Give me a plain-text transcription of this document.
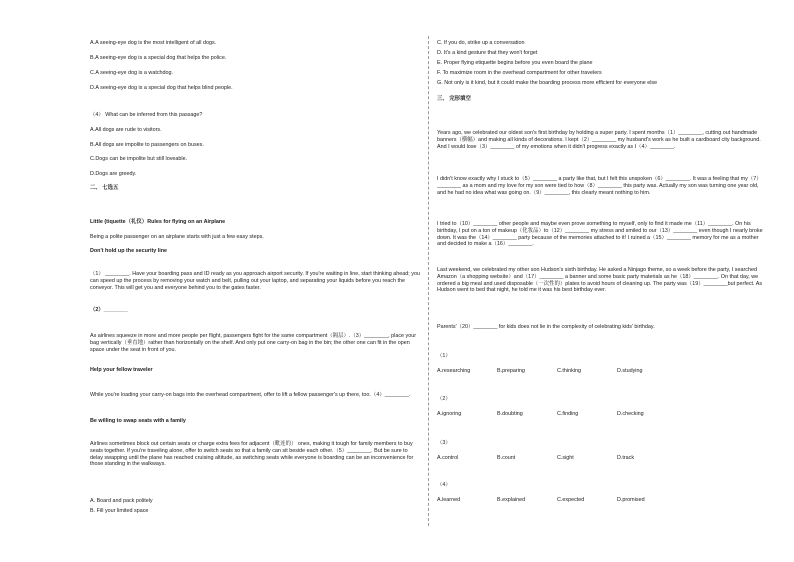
A.A seeing-eye dog is the most intelligent of all dogs.

B.A seeing-eye dog is a special dog that helps the police.

C.A seeing-eye dog is a watchdog.

D.A seeing-eye dog is a special dog that helps blind people.

（4） What can be inferred from this passage?

A.All dogs are rude to visitors.

B.All dogs are impolite to passengers on buses.

C.Dogs can be impolite but still loveable.

D.Dogs are greedy.

二、 七选五

Little (tiquette（礼仪）Rules for flying on an Airplane

Being a polite passenger on an airplane starts with just a few easy steps.

Don't hold up the security line

（1） ________. Have your boarding pass and ID ready as you approach airport security. If you're waiting in line, start thinking ahead; you can speed up the process by removing your watch and belt, pulling out your laptop, and separating your liquids before you reach the conveyor. This will get you and everyone behind you to the gates faster.

（2）________

As airlines squeeze in more and more people per flight, passengers fight for the same compartment（隔层）.（3）________, place your bag vertically（垂直地）rather than horizontally on the shelf. And only put one carry-on bag in the bin; the other one can fit in the open space under the seat in front of you.

Help your fellow traveler

While you're loading your carry-on bags into the overhead compartment, offer to lift a fellow passenger's up there, too.（4）________.

Be willing to swap seats with a family

Airlines sometimes block out certain seats or charge extra fees for adjacent（毗连的） ones, making it tough for family members to buy seats together. If you're traveling alone, offer to switch seats so that a family can sit beside each other.（5）________. But be sure to delay swapping until the plane has reached cruising altitude, as switching seats while everyone is boarding can be an inconvenience for those standing in the walkways.

A. Board and pack politely

B. Fill your limited space

C. If you do, strike up a conversation

D. It's a kind gesture that they won't forget

E. Proper flying etiquette begins before you even board the plane

F. To maximize room in the overhead compartment for other travelers

G. Not only is it kind, but it could make the boarding process more efficient for everyone else

三、 完形填空

Years ago, we celebrated our oldest son's first birthday by holding a super party. I spent months（1）________, cutting out handmade banners（横幅）and making all kinds of decorations. I kept（2）________ my husband's work as he built a cardboard city background. And I would lose（3）________ of my emotions when it didn't progress exactly as I（4）________.

I didn't know exactly why I stuck to（5）________ a party like that, but I felt this unspoken（6）________. It was a feeling that my（7）________ as a mom and my love for my son were tied to how（8）________ this party was. Actually my son was turning one year old, and he had no idea what was going on.（9）________, this clearly meant nothing to him.

I tried to（10）________ other people and maybe even prove something to myself, only to find it made me（11）________. On his birthday, I put on a ton of makeup（化妆品）to（12）________ my stress and smiled to our（13）________ even though I nearly broke down. It was the（14）________ party because of the memories attached to it! I ruined a（15）________ memory for me as a mother and decided to make a（16）________.

Last weekend, we celebrated my other son Hudson's sixth birthday. He asked a Ninjago theme, so a week before the party, I searched Amazon（a shopping website）and（17）________ a banner and some basic party materials as he（18）________. On that day, we ordered a big meal and used disposable（一次性的）plates to avoid hours of cleaning up. The party was（19）________but perfect. As Hudson went to bed that night, he told me it was his best birthday ever.

Parents'（20）________ for kids does not lie in the complexity of celebrating kids' birthday.

（1）

A.researching	B.preparing	C.thinking	D.studying

（2）

A.ignoring	B.doubting	C.finding	D.checking

（3）

A.control	B.count	C.sight	D.track

（4）

A.learned	B.explained	C.expected	D.promised
